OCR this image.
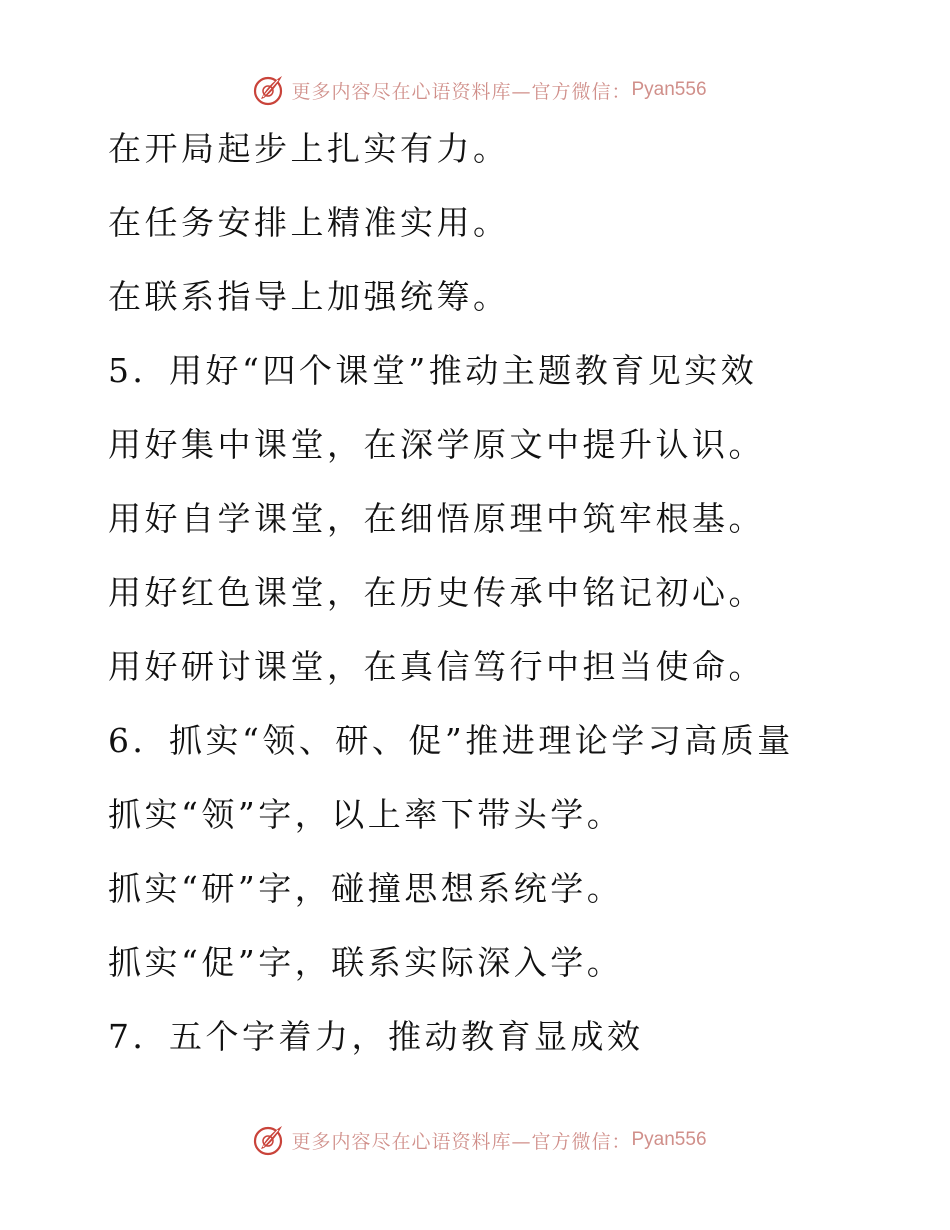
更多内容尽在心语资料库—官方微信： Pyan556
在开局起步上扎实有力。
在任务安排上精准实用。
在联系指导上加强统筹。
5．用好“四个课堂”推动主题教育见实效
用好集中课堂，在深学原文中提升认识。
用好自学课堂，在细悟原理中筑牢根基。
用好红色课堂，在历史传承中铭记初心。
用好研讨课堂，在真信笃行中担当使命。
6．抓实“领、研、促”推进理论学习高质量
抓实“领”字，以上率下带头学。
抓实“研”字，碰撞思想系统学。
抓实“促”字，联系实际深入学。
7．五个字着力，推动教育显成效
更多内容尽在心语资料库—官方微信： Pyan556
